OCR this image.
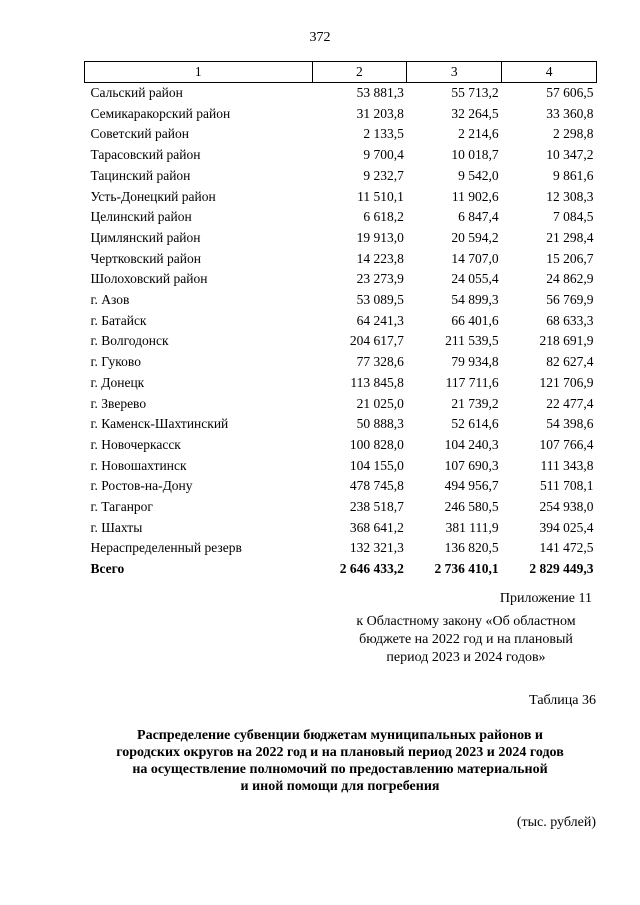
372
1	2	3	4
Сальский район	53 881,3	55 713,2	57 606,5
Семикаракорский район	31 203,8	32 264,5	33 360,8
Советский район	2 133,5	2 214,6	2 298,8
Тарасовский район	9 700,4	10 018,7	10 347,2
Тацинский район	9 232,7	9 542,0	9 861,6
Усть-Донецкий район	11 510,1	11 902,6	12 308,3
Целинский район	6 618,2	6 847,4	7 084,5
Цимлянский район	19 913,0	20 594,2	21 298,4
Чертковский район	14 223,8	14 707,0	15 206,7
Шолоховский район	23 273,9	24 055,4	24 862,9
г. Азов	53 089,5	54 899,3	56 769,9
г. Батайск	64 241,3	66 401,6	68 633,3
г. Волгодонск	204 617,7	211 539,5	218 691,9
г. Гуково	77 328,6	79 934,8	82 627,4
г. Донецк	113 845,8	117 711,6	121 706,9
г. Зверево	21 025,0	21 739,2	22 477,4
г. Каменск-Шахтинский	50 888,3	52 614,6	54 398,6
г. Новочеркасск	100 828,0	104 240,3	107 766,4
г. Новошахтинск	104 155,0	107 690,3	111 343,8
г. Ростов-на-Дону	478 745,8	494 956,7	511 708,1
г. Таганрог	238 518,7	246 580,5	254 938,0
г. Шахты	368 641,2	381 111,9	394 025,4
Нераспределенный резерв	132 321,3	136 820,5	141 472,5
Всего	2 646 433,2	2 736 410,1	2 829 449,3
Приложение 11
к Областному закону «Об областном
бюджете на 2022 год и на плановый
период 2023 и 2024 годов»
Таблица 36
Распределение субвенции бюджетам муниципальных районов и
городских округов на 2022 год и на плановый период 2023 и 2024 годов
на осуществление полномочий по предоставлению материальной
и иной помощи для погребения
(тыс. рублей)
